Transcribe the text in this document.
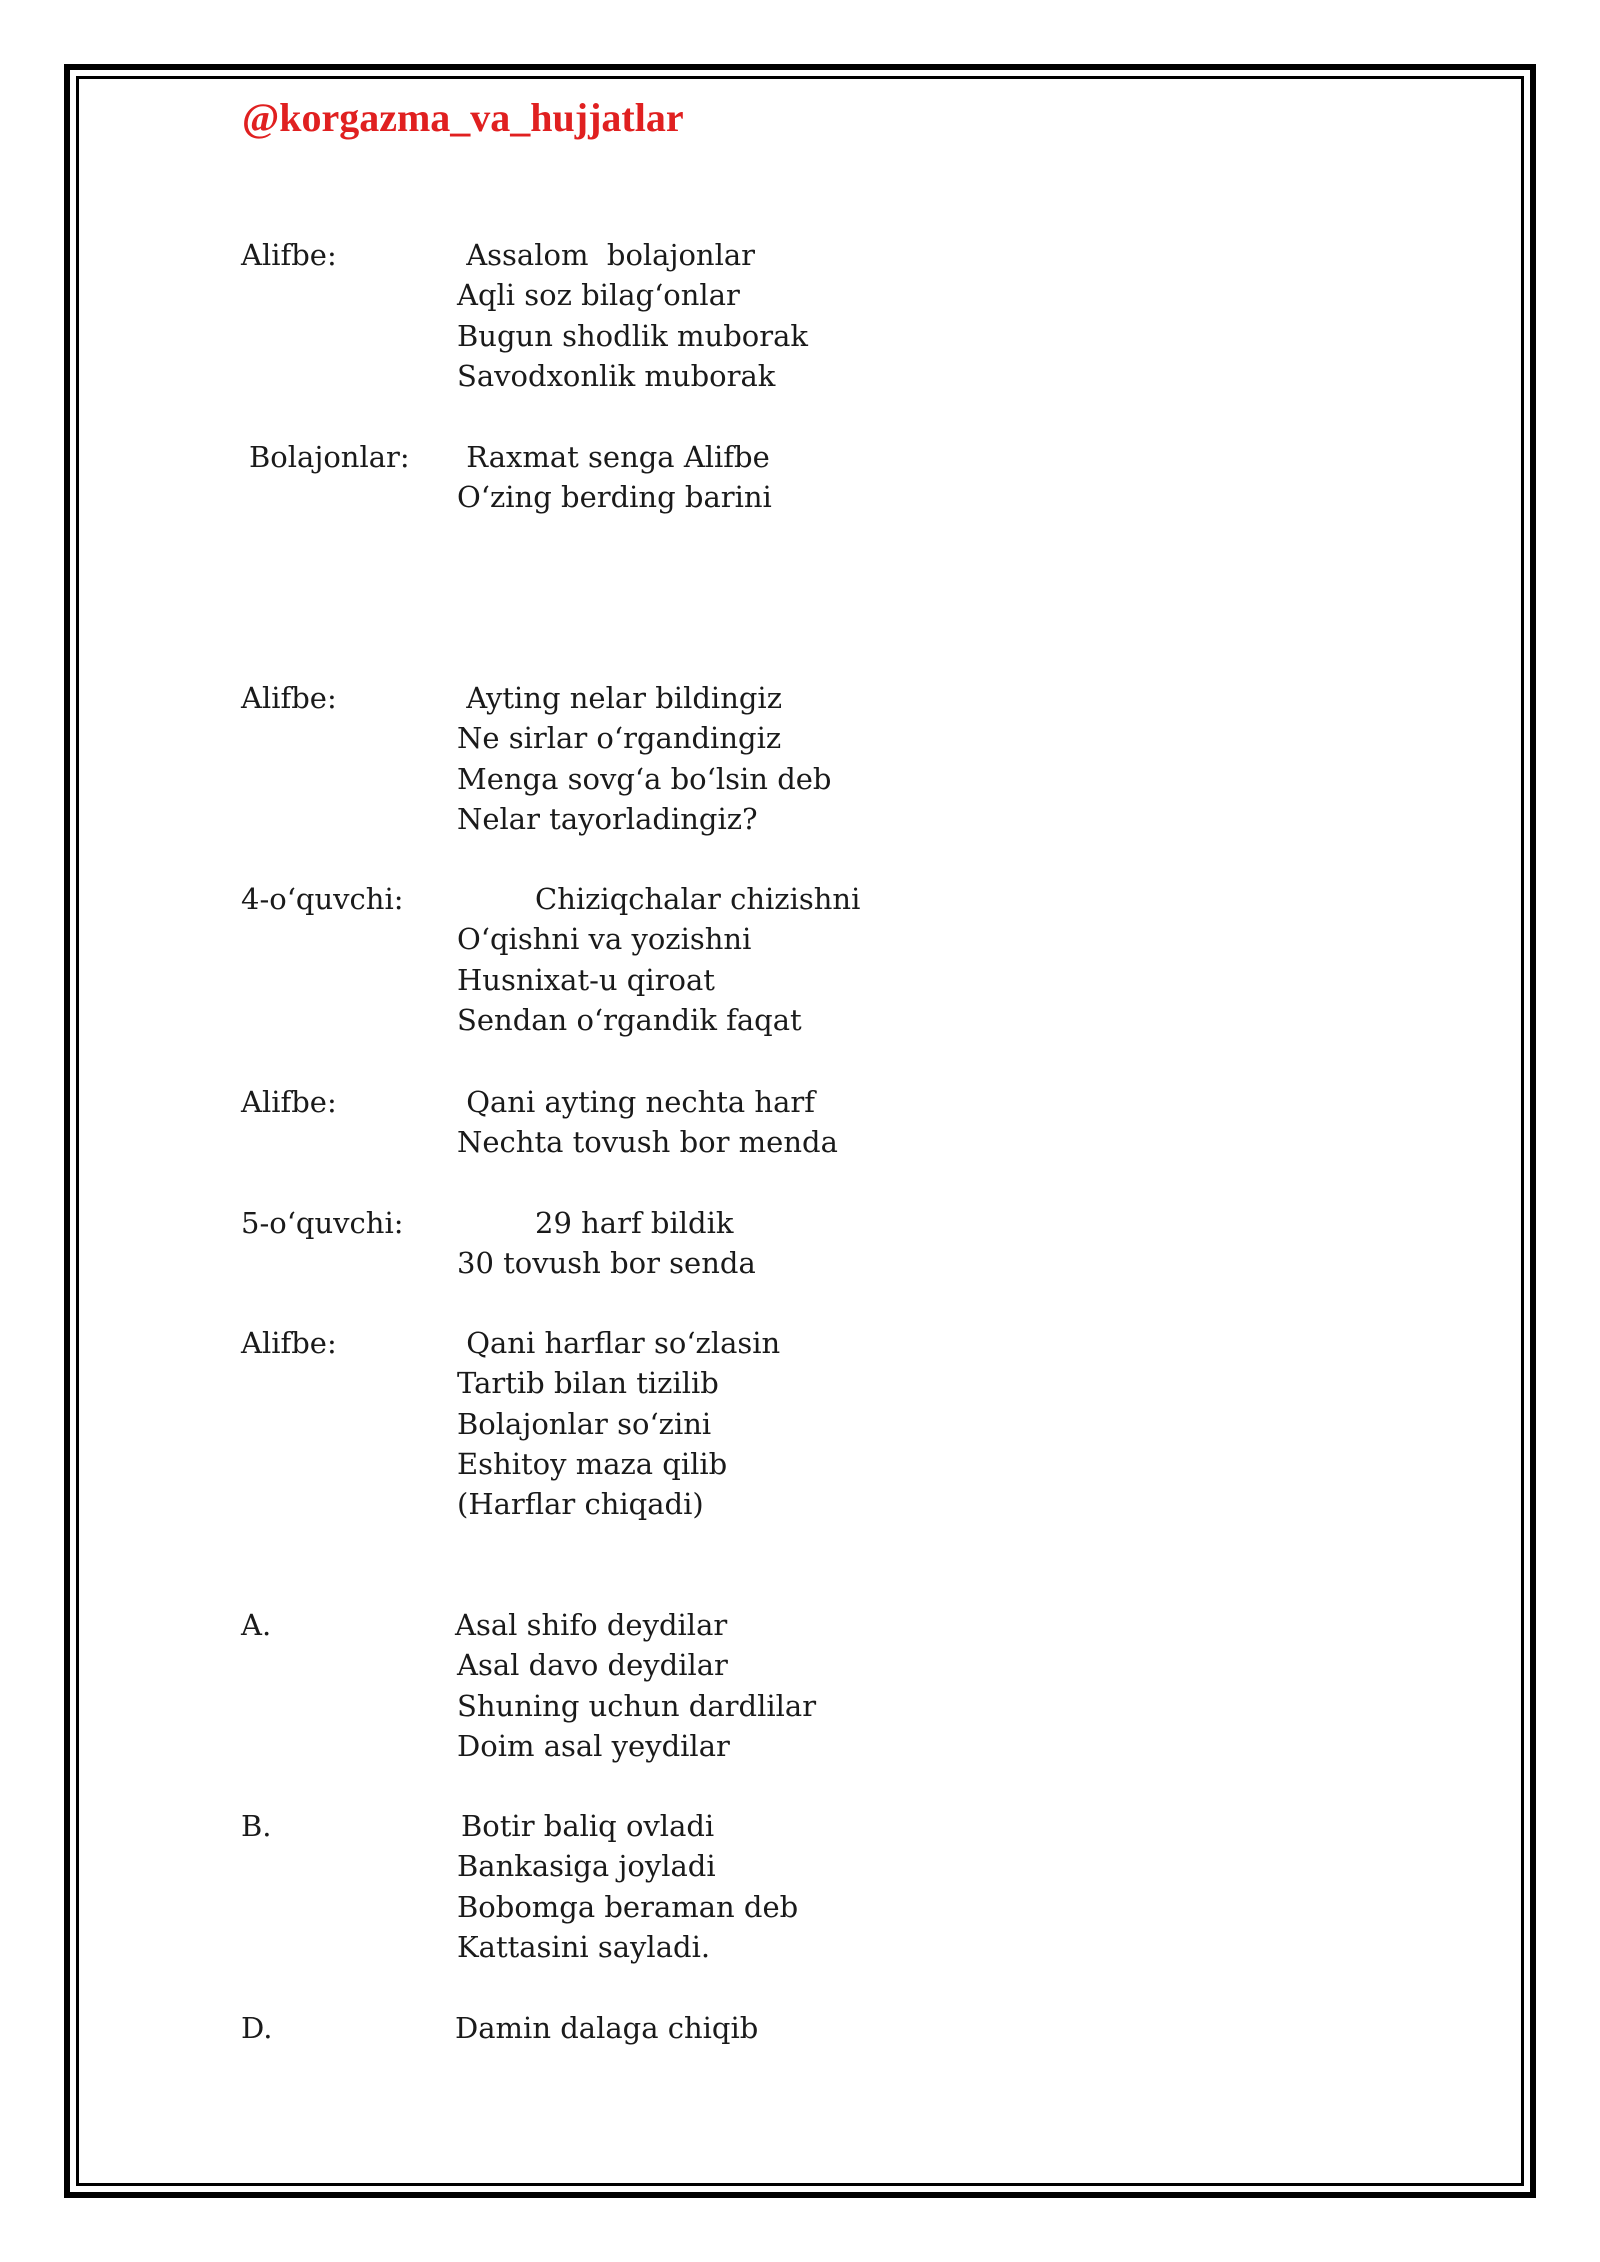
@korgazma_va_hujjatlar

Alifbe:	Assalom  bolajonlar
Aqli soz bilag‘onlar
Bugun shodlik muborak
Savodxonlik muborak
Bolajonlar: Raxmat senga Alifbe
O‘zing berding barini
Alifbe:	Ayting nelar bildingiz
Ne sirlar o‘rgandingiz
Menga sovg‘a bo‘lsin deb
Nelar tayorladingiz?
4-o‘quvchi:	Chiziqchalar chizishni
O‘qishni va yozishni
Husnixat-u qiroat
Sendan o‘rgandik faqat
Alifbe:	Qani ayting nechta harf
Nechta tovush bor menda
5-o‘quvchi:	29 harf bildik
30 tovush bor senda
Alifbe:	Qani harflar so‘zlasin
Tartib bilan tizilib
Bolajonlar so‘zini
Eshitoy maza qilib
(Harflar chiqadi)
A.	Asal shifo deydilar
Asal davo deydilar
Shuning uchun dardlilar
Doim asal yeydilar
B.	Botir baliq ovladi
Bankasiga joyladi
Bobomga beraman deb
Kattasini sayladi.
D.	Damin dalaga chiqib
